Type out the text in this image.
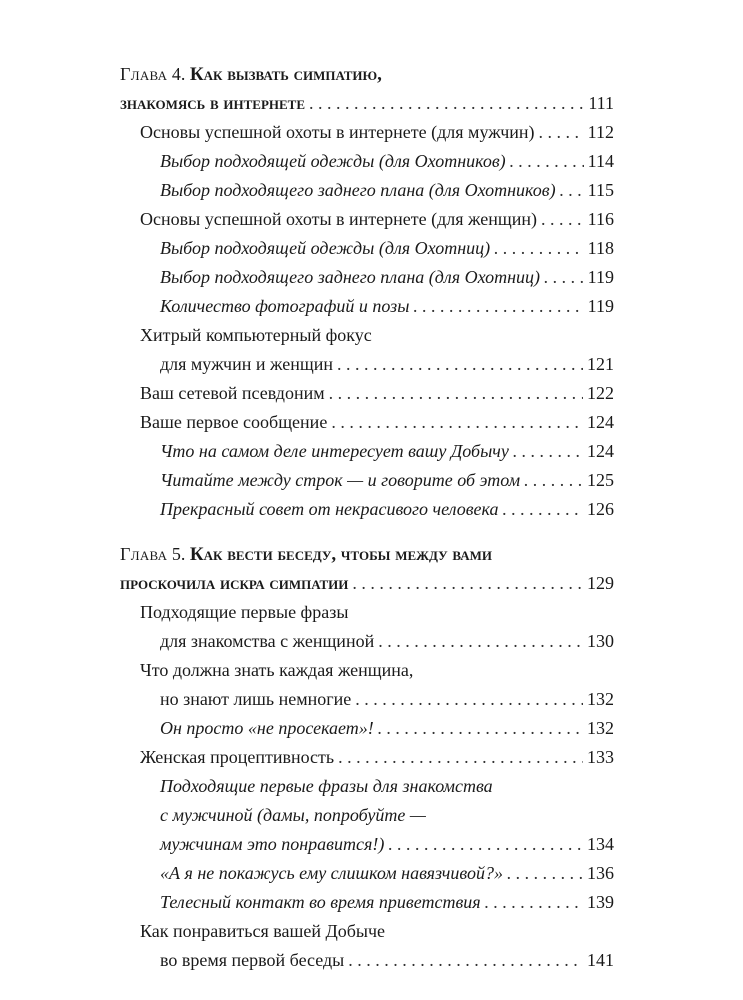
Глава 4. Как вызвать симпатию,
знакомясь в интернете . . .	111
Основы успешной охоты в интернете (для мужчин) . . .	112
Выбор подходящей одежды (для Охотников) . . .	114
Выбор подходящего заднего плана (для Охотников) . . . 115
Основы успешной охоты в интернете (для женщин) . . .	116
Выбор подходящей одежды (для Охотниц) . . .	118
Выбор подходящего заднего плана (для Охотниц) . . .	119
Количество фотографий и позы . . .	119
Хитрый компьютерный фокус
для мужчин и женщин . . .	121
Ваш сетевой псевдоним . . .	122
Ваше первое сообщение . . .	124
Что на самом деле интересует вашу Добычу . . .	124
Читайте между строк — и говорите об этом . . .	125
Прекрасный совет от некрасивого человека . . .	126
Глава 5. Как вести беседу, чтобы между вами
проскочила искра симпатии . . .	129
Подходящие первые фразы
для знакомства с женщиной . . .	130
Что должна знать каждая женщина,
но знают лишь немногие . . .	132
Он просто «не просекает»! . . .	132
Женская процептивность . . .	133
Подходящие первые фразы для знакомства
с мужчиной (дамы, попробуйте —
мужчинам это понравится!) . . .	134
«А я не покажусь ему слишком навязчивой?» . . .	136
Телесный контакт во время приветствия . . .	139
Как понравиться вашей Добыче
во время первой беседы . . .	141
